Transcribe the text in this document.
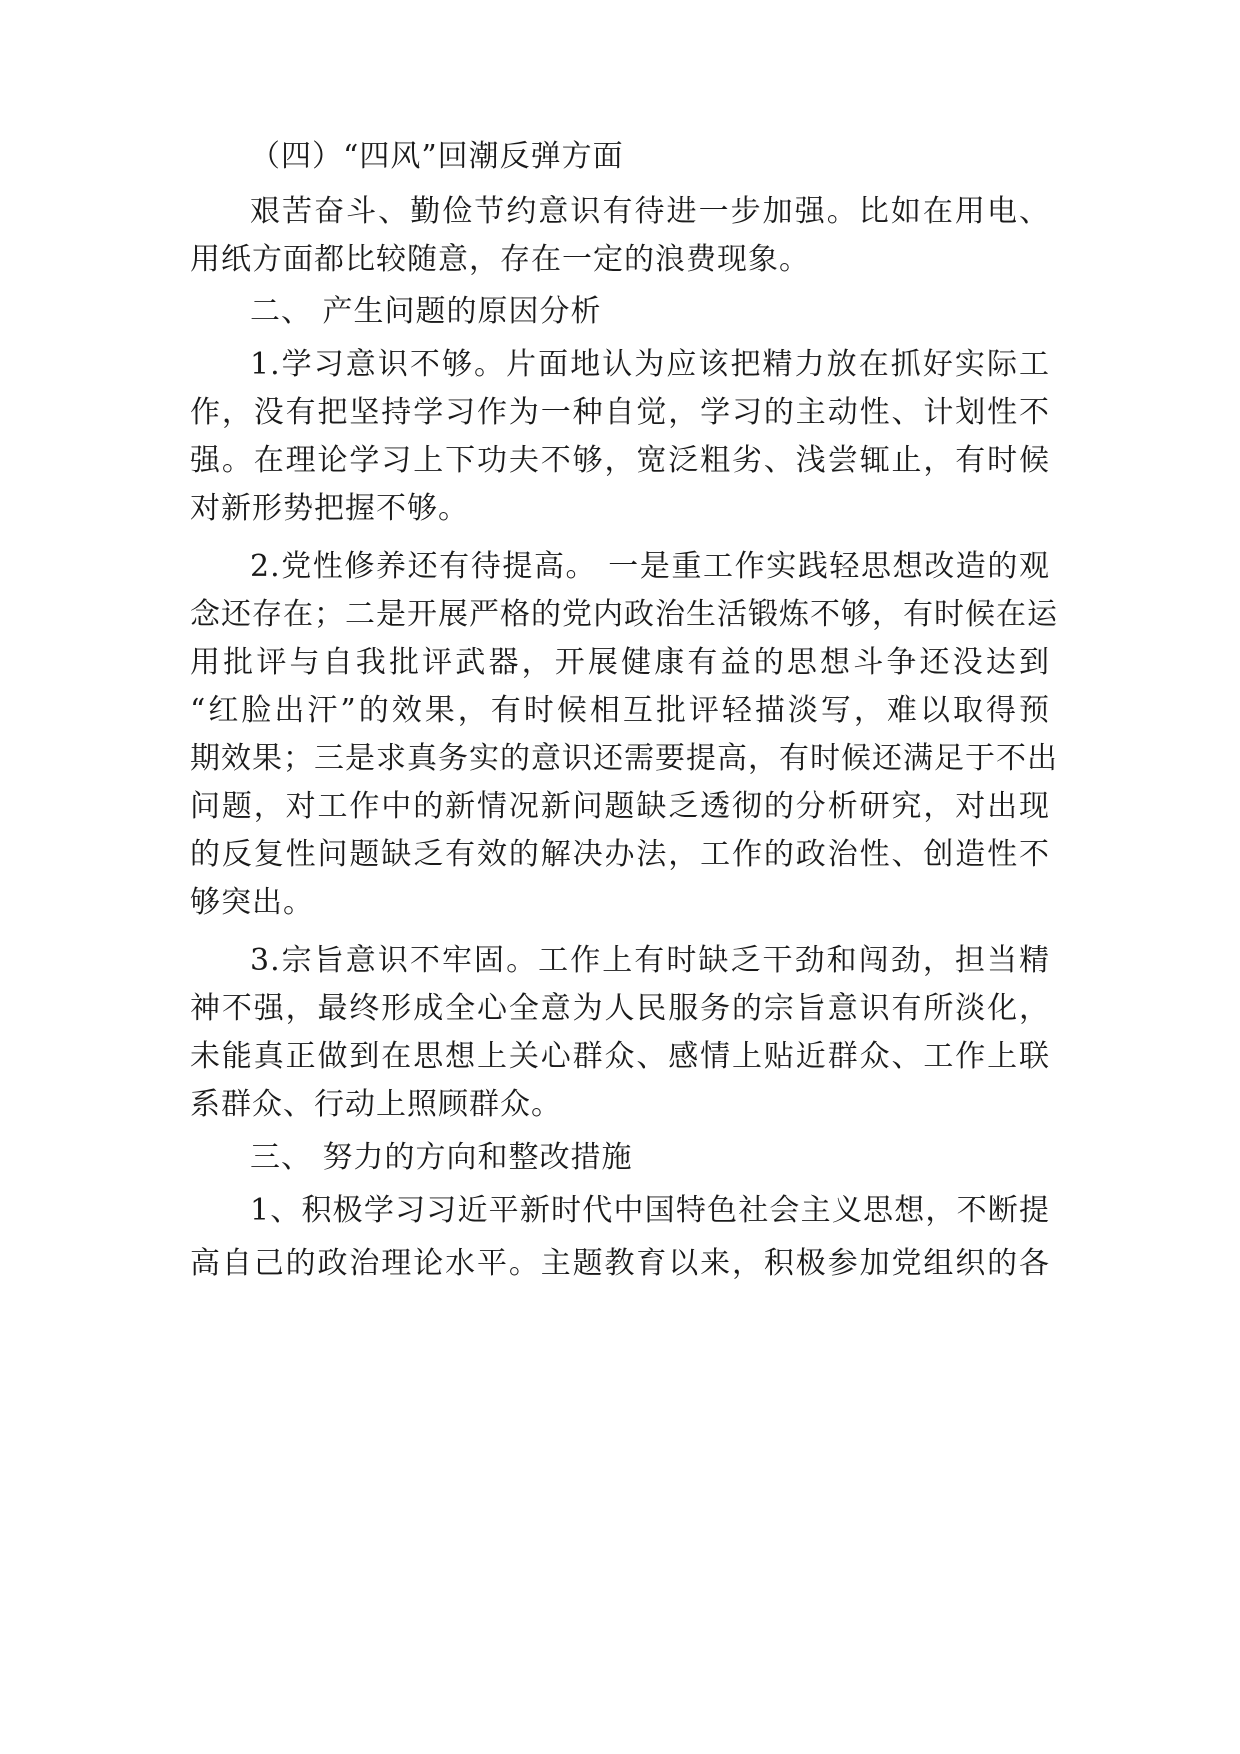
（四）“四风”回潮反弹方面
艰苦奋斗、勤俭节约意识有待进一步加强。比如在用电、
用纸方面都比较随意，存在一定的浪费现象。
二、 产生问题的原因分析
1.学习意识不够。片面地认为应该把精力放在抓好实际工
作，没有把坚持学习作为一种自觉，学习的主动性、计划性不
强。在理论学习上下功夫不够，宽泛粗劣、浅尝辄止，有时候
对新形势把握不够。
2.党性修养还有待提高。 一是重工作实践轻思想改造的观
念还存在；二是开展严格的党内政治生活锻炼不够，有时候在运
用批评与自我批评武器，开展健康有益的思想斗争还没达到
“红脸出汗”的效果，有时候相互批评轻描淡写，难以取得预
期效果；三是求真务实的意识还需要提高，有时候还满足于不出
问题，对工作中的新情况新问题缺乏透彻的分析研究，对出现
的反复性问题缺乏有效的解决办法，工作的政治性、创造性不
够突出。
3.宗旨意识不牢固。工作上有时缺乏干劲和闯劲，担当精
神不强，最终形成全心全意为人民服务的宗旨意识有所淡化，
未能真正做到在思想上关心群众、感情上贴近群众、工作上联
系群众、行动上照顾群众。
三、 努力的方向和整改措施
1、积极学习习近平新时代中国特色社会主义思想，不断提
高自己的政治理论水平。主题教育以来，积极参加党组织的各
